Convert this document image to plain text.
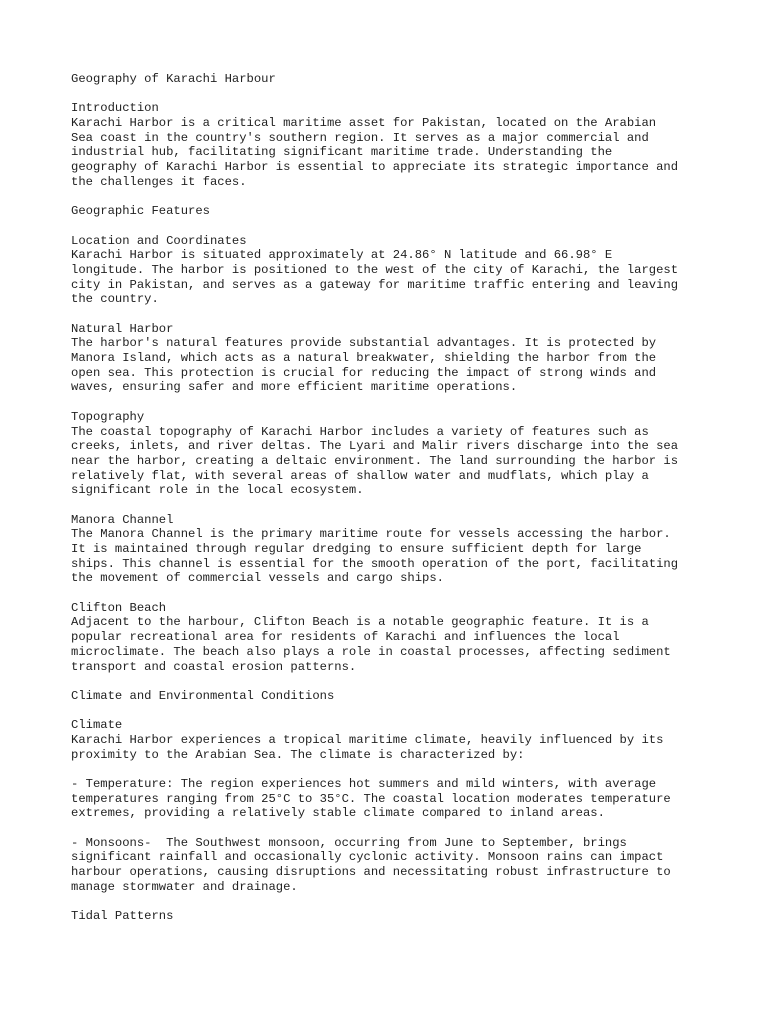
Geography of Karachi Harbour
Introduction
Karachi Harbor is a critical maritime asset for Pakistan, located on the Arabian
Sea coast in the country's southern region. It serves as a major commercial and
industrial hub, facilitating significant maritime trade. Understanding the
geography of Karachi Harbor is essential to appreciate its strategic importance and
the challenges it faces.
Geographic Features
Location and Coordinates
Karachi Harbor is situated approximately at 24.86° N latitude and 66.98° E
longitude. The harbor is positioned to the west of the city of Karachi, the largest
city in Pakistan, and serves as a gateway for maritime traffic entering and leaving
the country.
Natural Harbor
The harbor's natural features provide substantial advantages. It is protected by
Manora Island, which acts as a natural breakwater, shielding the harbor from the
open sea. This protection is crucial for reducing the impact of strong winds and
waves, ensuring safer and more efficient maritime operations.
Topography
The coastal topography of Karachi Harbor includes a variety of features such as
creeks, inlets, and river deltas. The Lyari and Malir rivers discharge into the sea
near the harbor, creating a deltaic environment. The land surrounding the harbor is
relatively flat, with several areas of shallow water and mudflats, which play a
significant role in the local ecosystem.
Manora Channel
The Manora Channel is the primary maritime route for vessels accessing the harbor.
It is maintained through regular dredging to ensure sufficient depth for large
ships. This channel is essential for the smooth operation of the port, facilitating
the movement of commercial vessels and cargo ships.
Clifton Beach
Adjacent to the harbour, Clifton Beach is a notable geographic feature. It is a
popular recreational area for residents of Karachi and influences the local
microclimate. The beach also plays a role in coastal processes, affecting sediment
transport and coastal erosion patterns.
Climate and Environmental Conditions
Climate
Karachi Harbor experiences a tropical maritime climate, heavily influenced by its
proximity to the Arabian Sea. The climate is characterized by:
- Temperature: The region experiences hot summers and mild winters, with average
temperatures ranging from 25°C to 35°C. The coastal location moderates temperature
extremes, providing a relatively stable climate compared to inland areas.
- Monsoons-  The Southwest monsoon, occurring from June to September, brings
significant rainfall and occasionally cyclonic activity. Monsoon rains can impact
harbour operations, causing disruptions and necessitating robust infrastructure to
manage stormwater and drainage.
Tidal Patterns
